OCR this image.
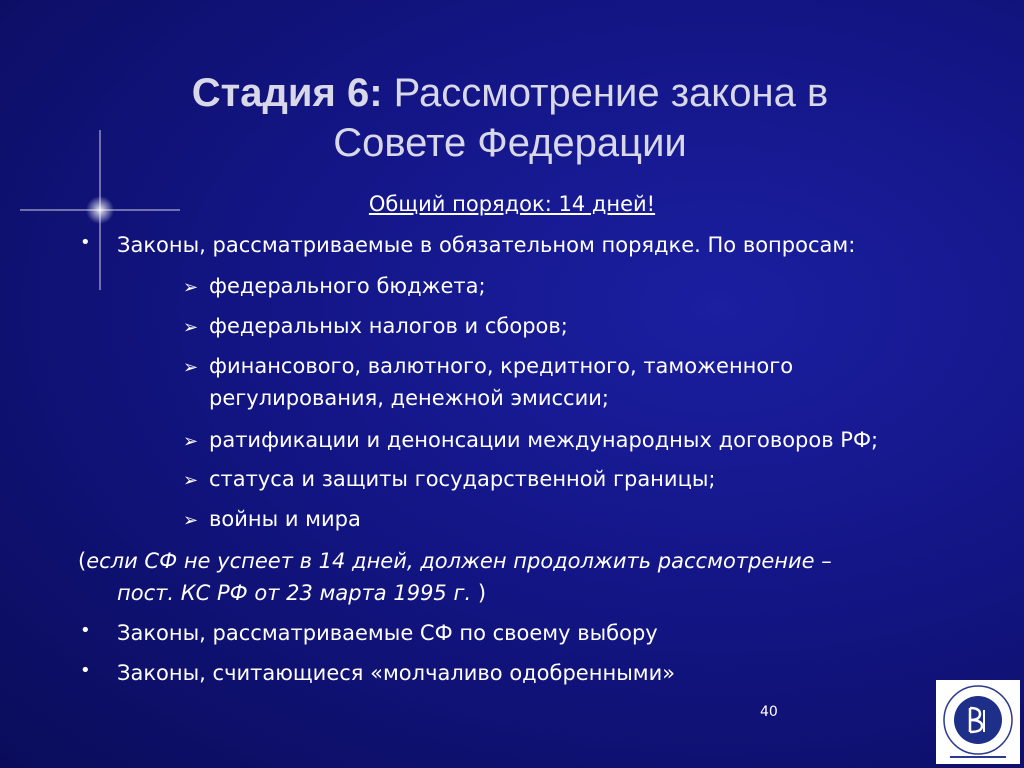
Стадия 6: Рассмотрение закона в
Совете Федерации
Общий порядок: 14 дней!
• Законы, рассматриваемые в обязательном порядке. По вопросам:
➢ федерального бюджета;
➢ федеральных налогов и сборов;
➢ финансового, валютного, кредитного, таможенного
регулирования, денежной эмиссии;
➢ ратификации и денонсации международных договоров РФ;
➢ статуса и защиты государственной границы;
➢ войны и мира
(если СФ не успеет в 14 дней, должен продолжить рассмотрение –
пост. КС РФ от 23 марта 1995 г. )
• Законы, рассматриваемые СФ по своему выбору
• Законы, считающиеся «молчаливо одобренными»
40
